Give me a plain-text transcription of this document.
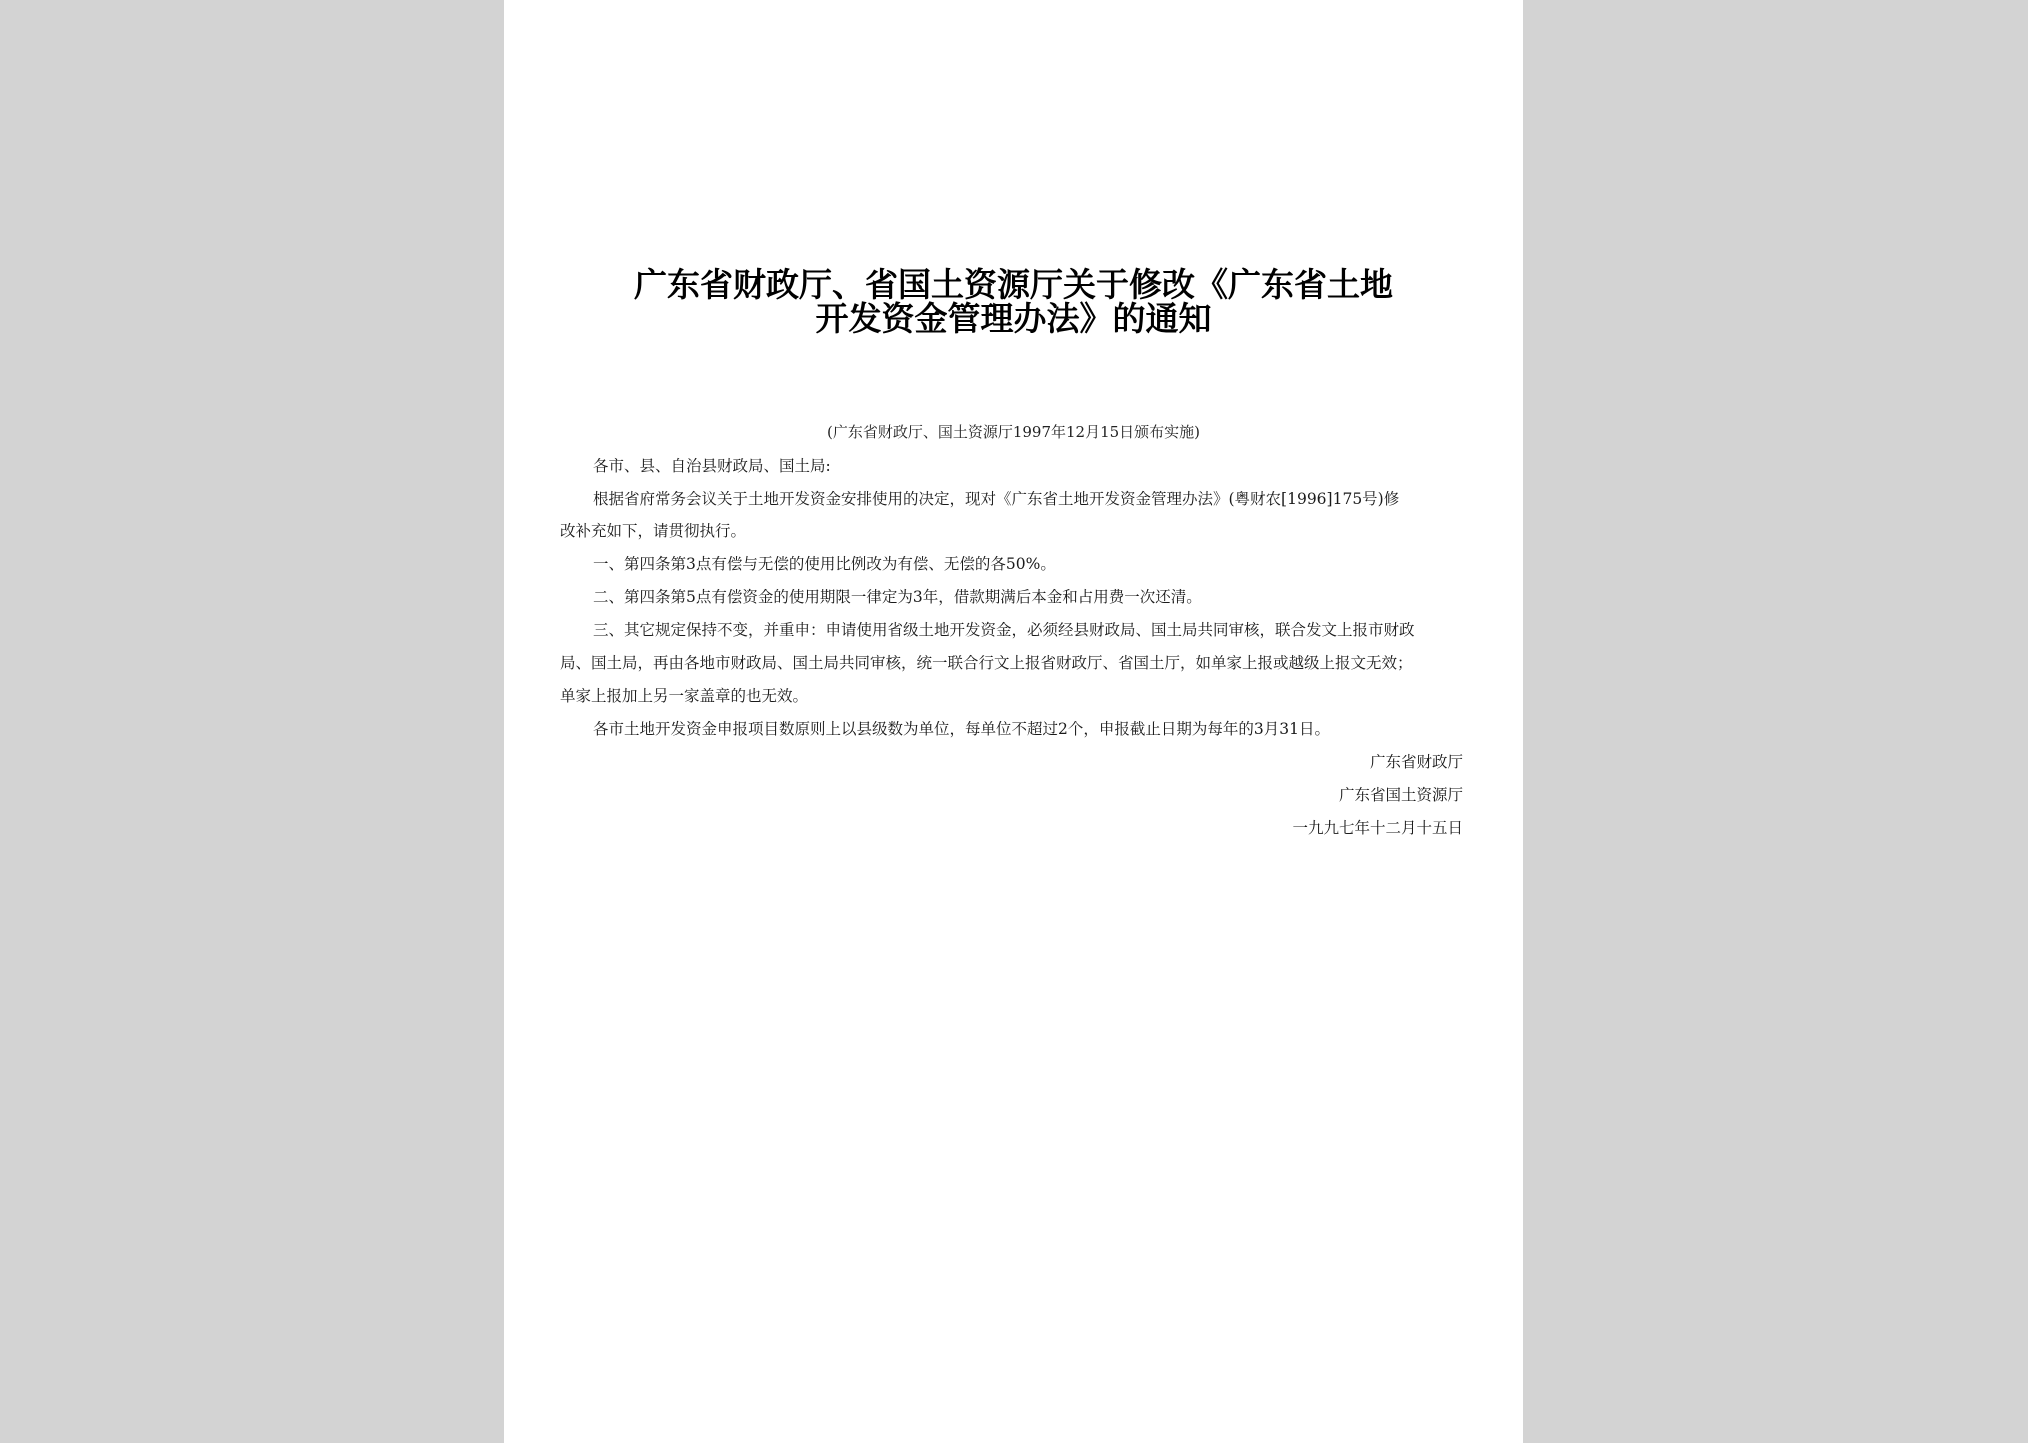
广东省财政厅、省国土资源厅关于修改《广东省土地
开发资金管理办法》的通知
(广东省财政厅、国土资源厅1997年12月15日颁布实施)
各市、县、自治县财政局、国土局:
根据省府常务会议关于土地开发资金安排使用的决定，现对《广东省土地开发资金管理办法》(粤财农[1996]175号)修
改补充如下，请贯彻执行。
一、第四条第3点有偿与无偿的使用比例改为有偿、无偿的各50%。
二、第四条第5点有偿资金的使用期限一律定为3年，借款期满后本金和占用费一次还清。
三、其它规定保持不变，并重申：申请使用省级土地开发资金，必须经县财政局、国土局共同审核，联合发文上报市财政
局、国土局，再由各地市财政局、国土局共同审核，统一联合行文上报省财政厅、省国土厅，如单家上报或越级上报文无效；
单家上报加上另一家盖章的也无效。
各市土地开发资金申报项目数原则上以县级数为单位，每单位不超过2个，申报截止日期为每年的3月31日。
广东省财政厅
广东省国土资源厅
一九九七年十二月十五日
